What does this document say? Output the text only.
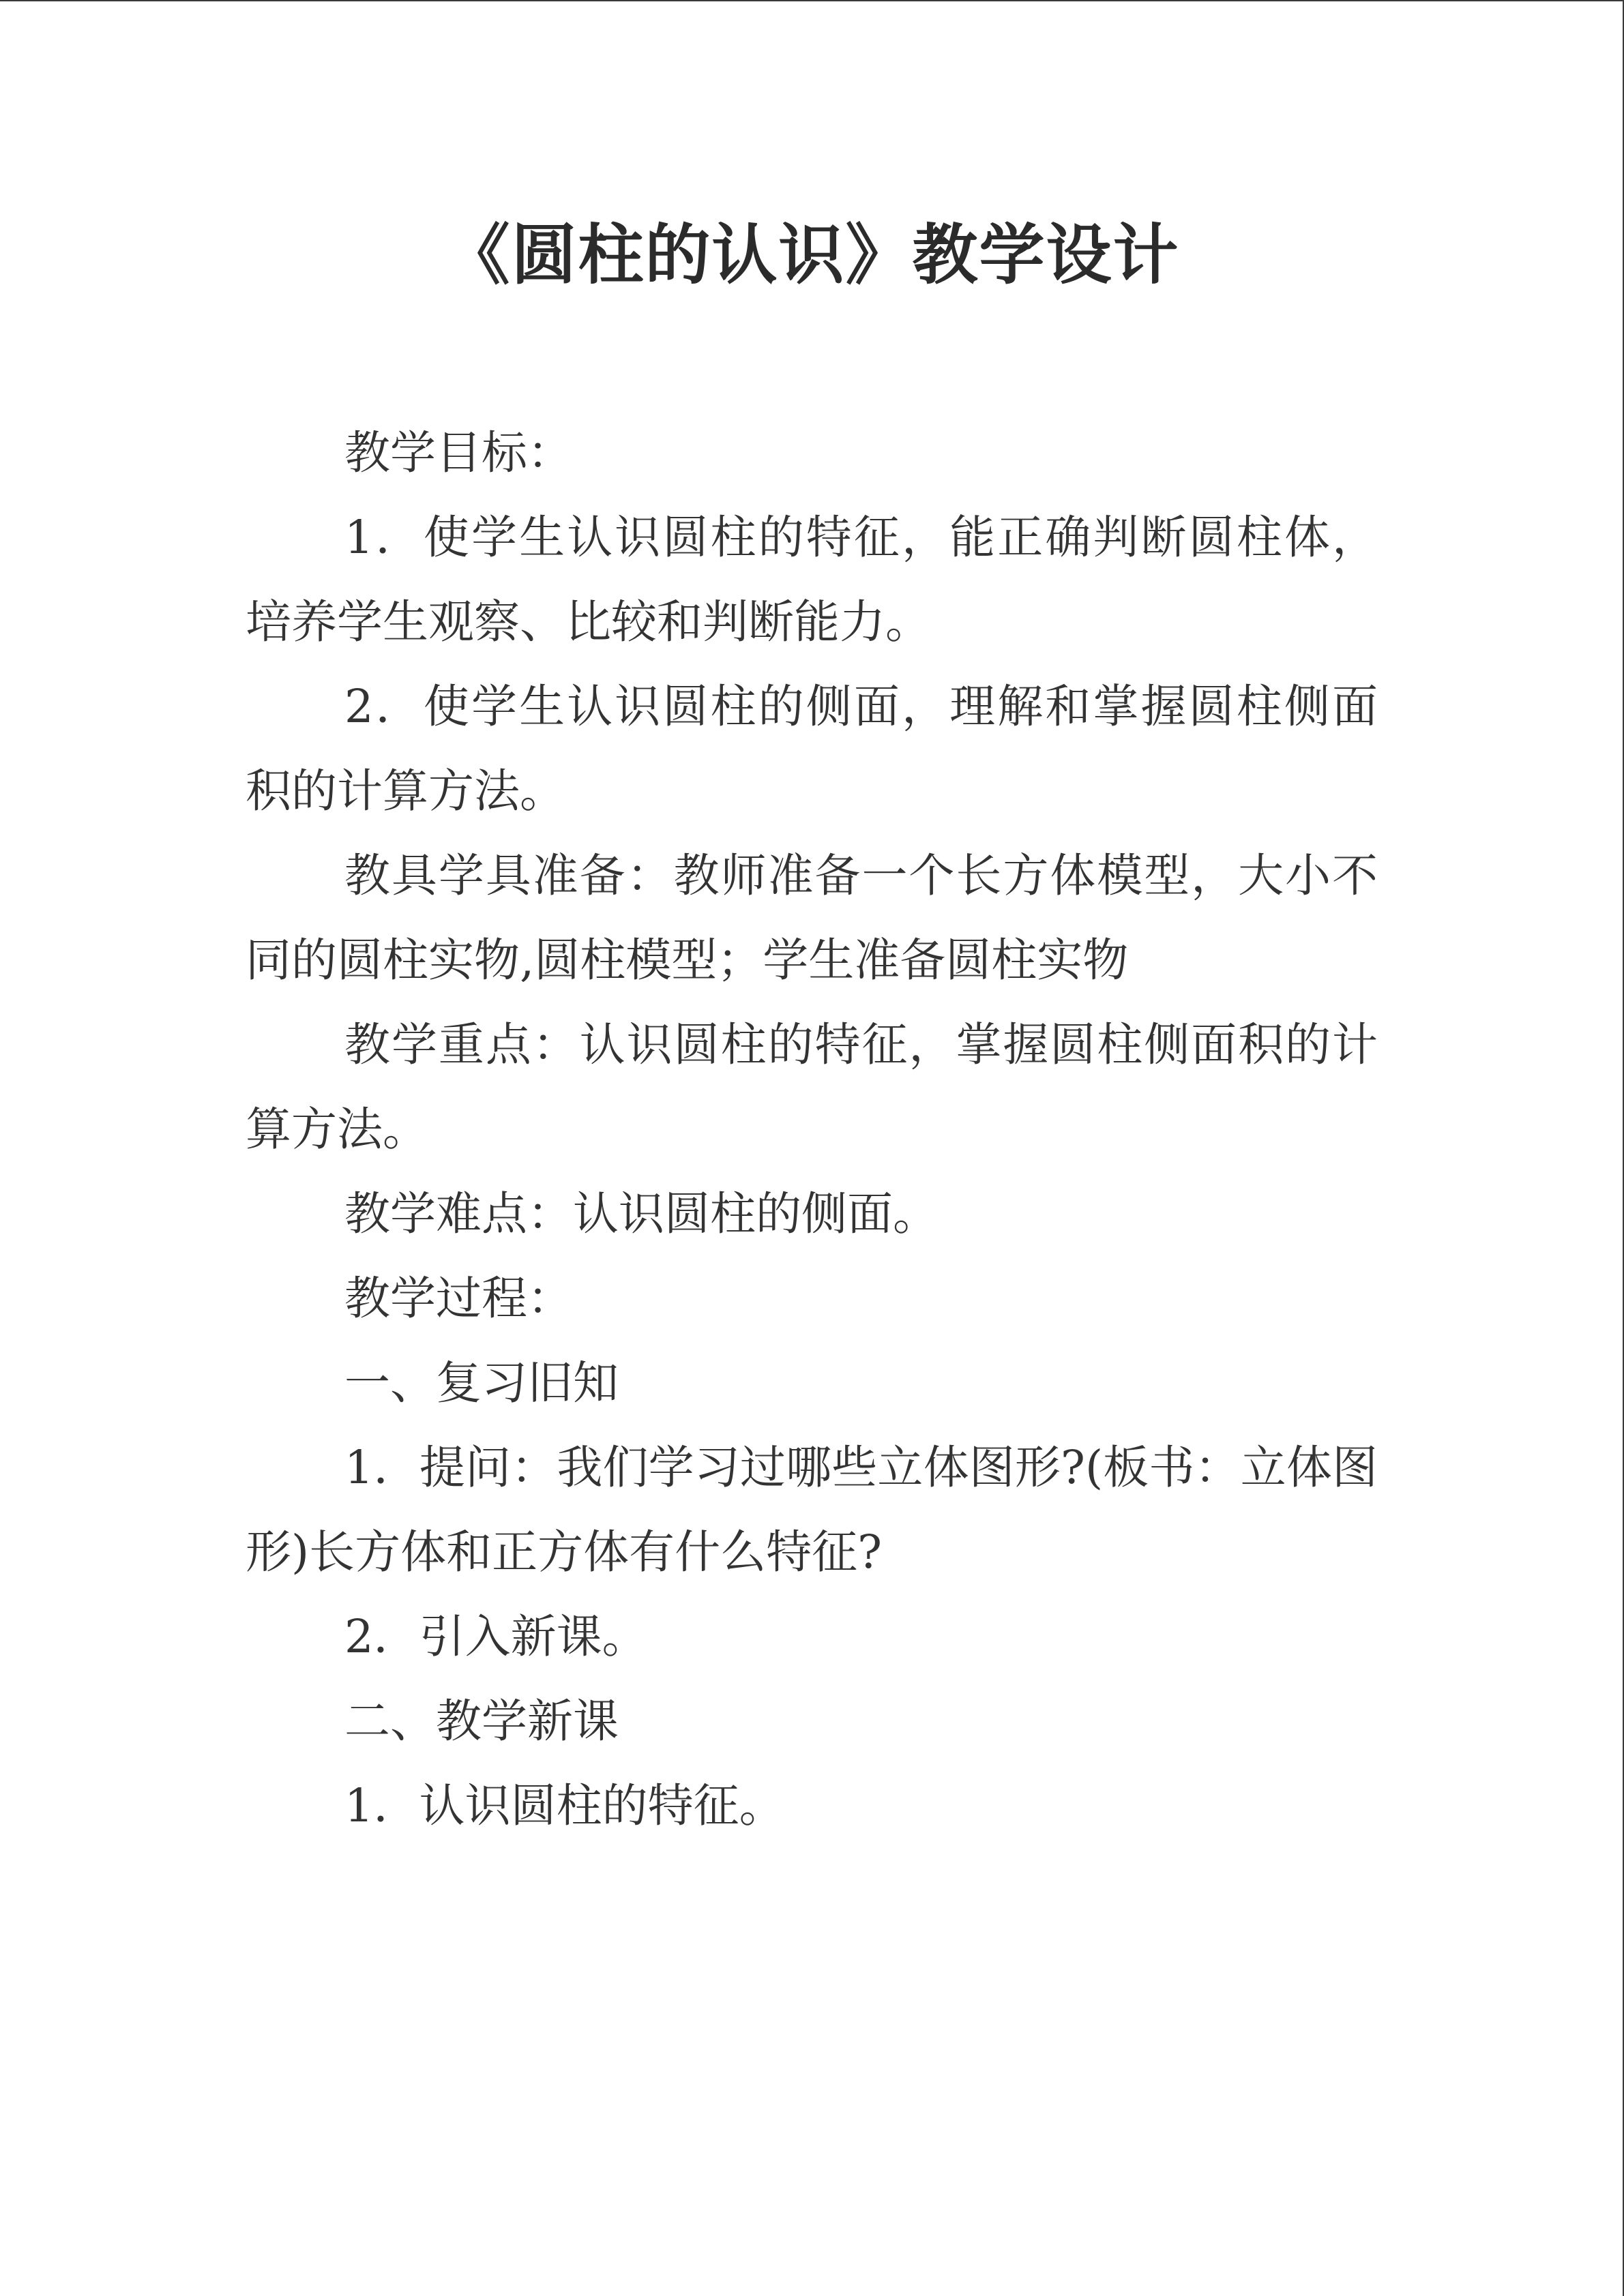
《圆柱的认识》教学设计

教学目标：

1．使学生认识圆柱的特征，能正确判断圆柱体，培养学生观察、比较和判断能力。

2．使学生认识圆柱的侧面，理解和掌握圆柱侧面积的计算方法。

教具学具准备：教师准备一个长方体模型，大小不同的圆柱实物,圆柱模型；学生准备圆柱实物

教学重点：认识圆柱的特征，掌握圆柱侧面积的计算方法。

教学难点：认识圆柱的侧面。

教学过程：

一、复习旧知

1．提问：我们学习过哪些立体图形?(板书：立体图形)长方体和正方体有什么特征?

2．引入新课。

二、教学新课

1．认识圆柱的特征。
